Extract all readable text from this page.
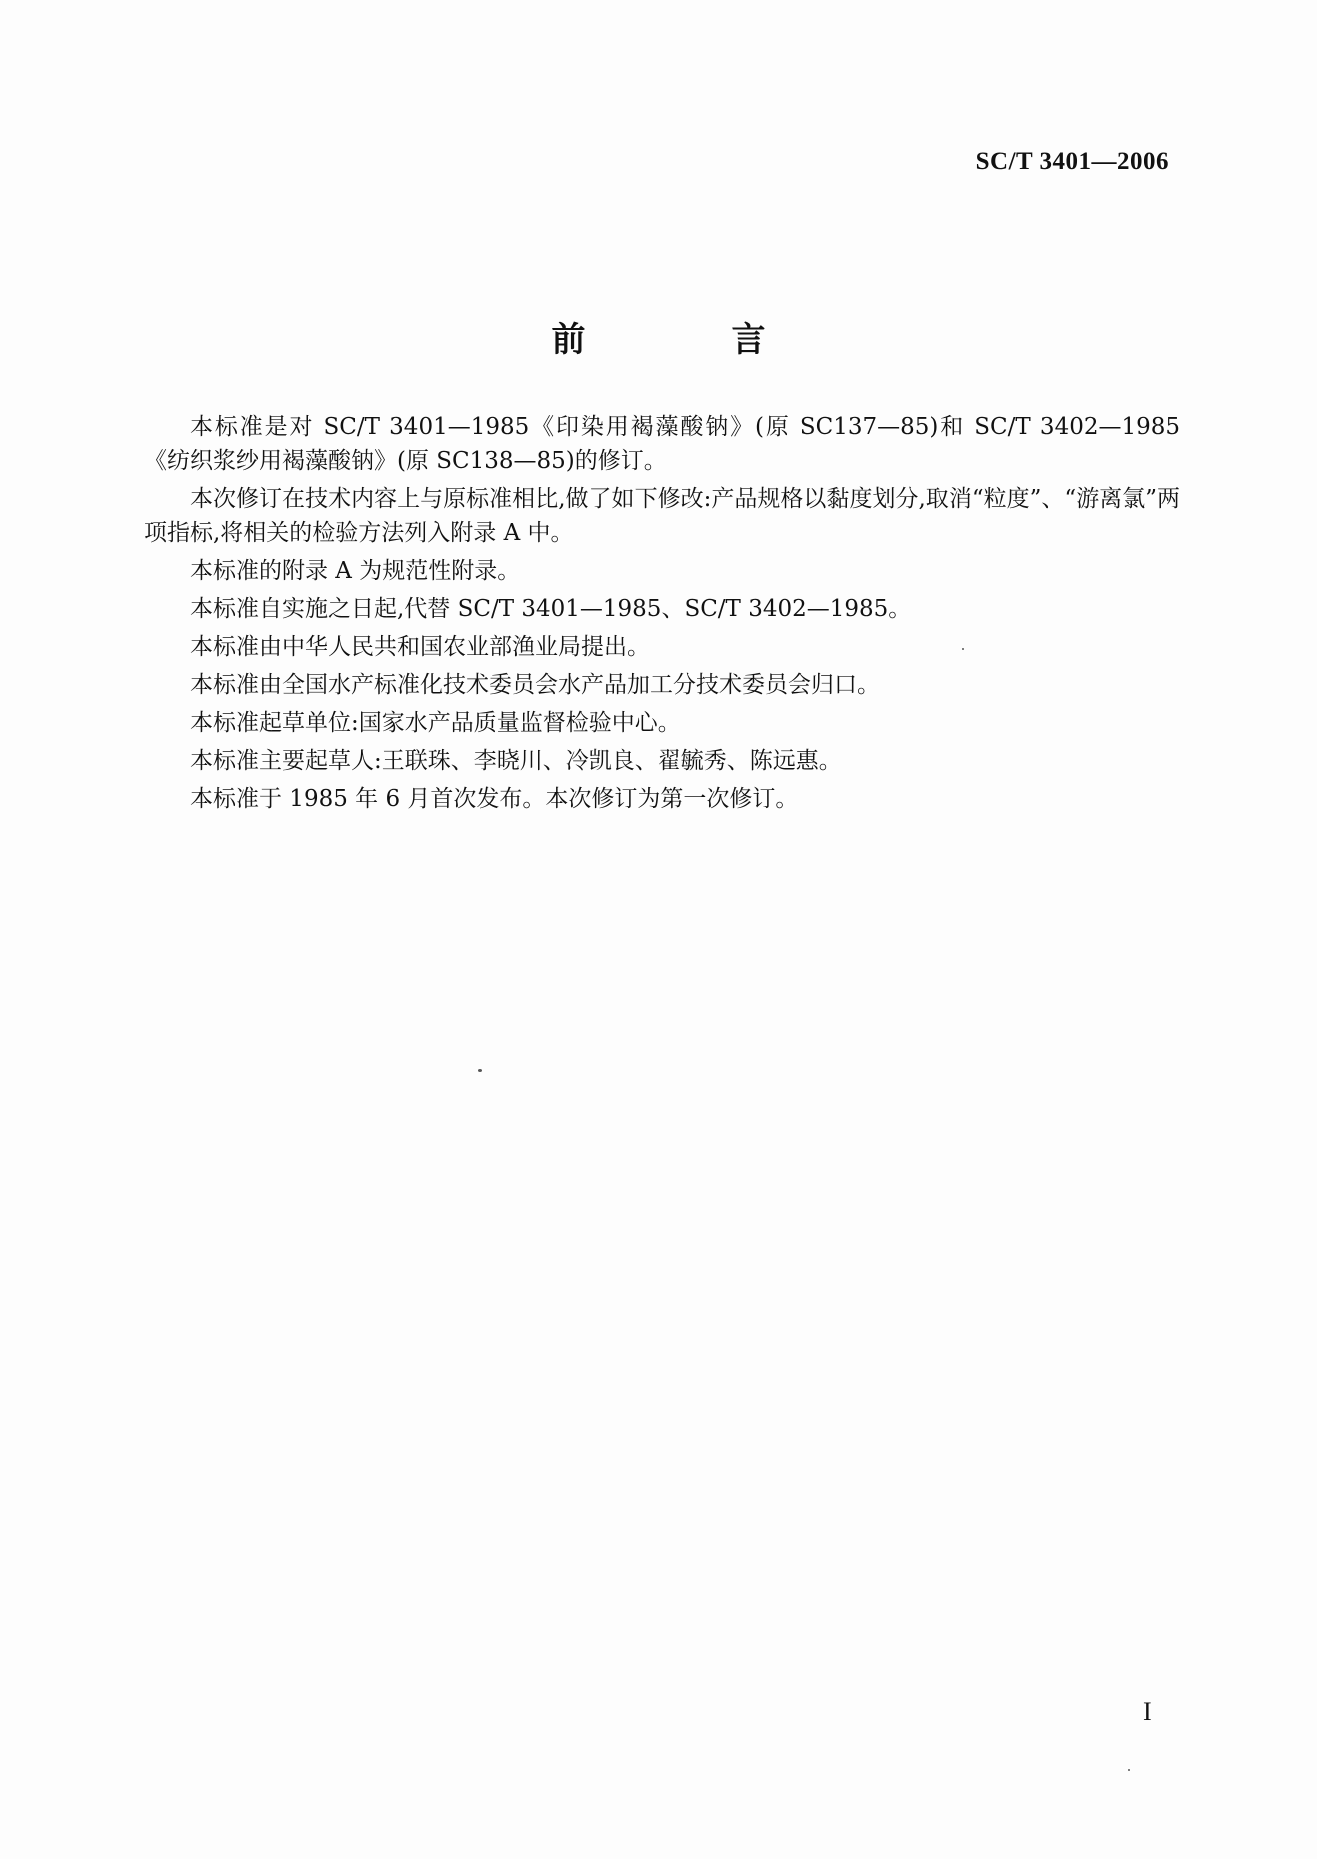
SC/T 3401—2006
前　言

本标准是对 SC/T 3401—1985《印染用褐藻酸钠》(原 SC137—85)和 SC/T 3402—1985《纺织浆纱用褐藻酸钠》(原 SC138—85)的修订。

本次修订在技术内容上与原标准相比,做了如下修改:产品规格以黏度划分,取消“粒度”、“游离氯”两项指标,将相关的检验方法列入附录 A 中。

本标准的附录 A 为规范性附录。

本标准自实施之日起,代替 SC/T 3401—1985、SC/T 3402—1985。

本标准由中华人民共和国农业部渔业局提出。

本标准由全国水产标准化技术委员会水产品加工分技术委员会归口。

本标准起草单位:国家水产品质量监督检验中心。

本标准主要起草人:王联珠、李晓川、冷凯良、翟毓秀、陈远惠。

本标准于 1985 年 6 月首次发布。本次修订为第一次修订。

I
